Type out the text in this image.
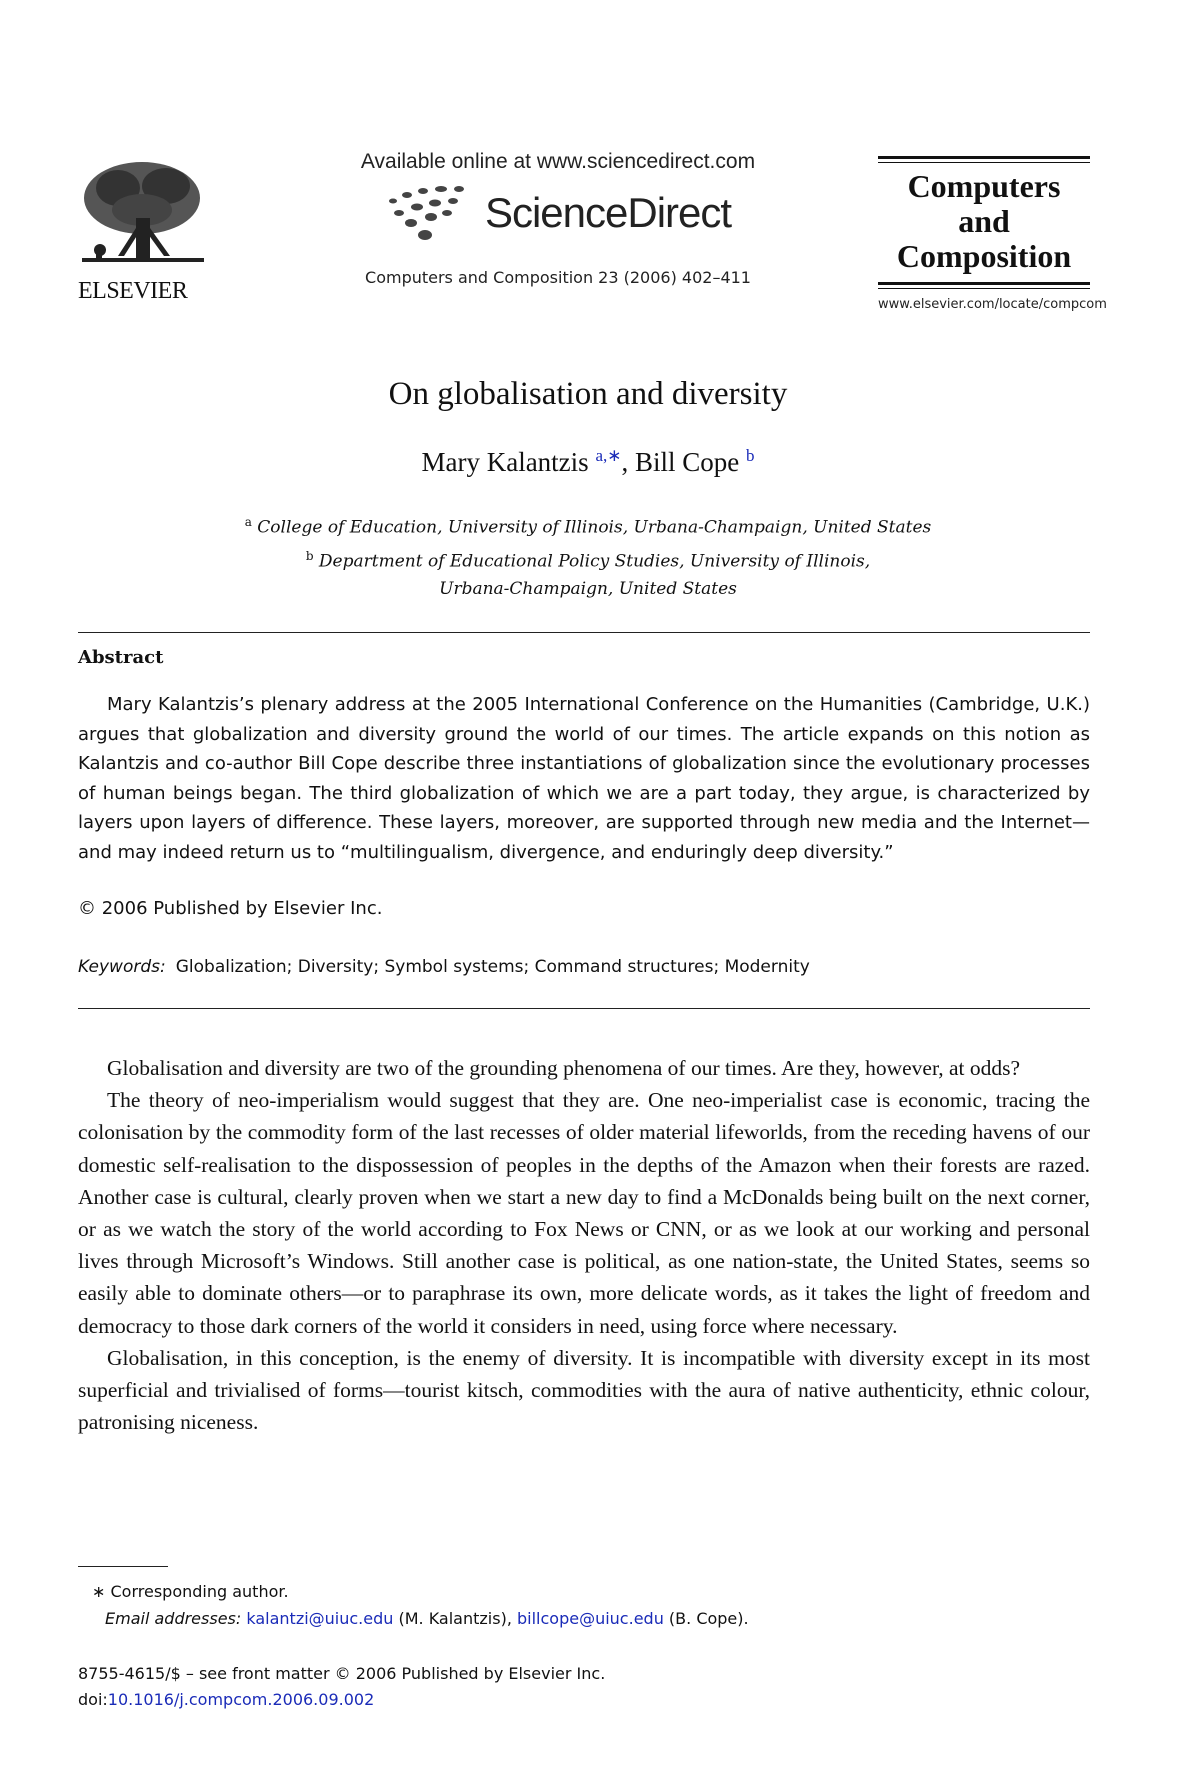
ELSEVIER
Available online at www.sciencedirect.com
ScienceDirect
Computers and Composition 23 (2006) 402–411
Computers
and
Composition
www.elsevier.com/locate/compcom
On globalisation and diversity
Mary Kalantzis $^{a,∗}$, Bill Cope $^b$
$^a$ College of Education, University of Illinois, Urbana-Champaign, United States
$^b$ Department of Educational Policy Studies, University of Illinois,
Urbana-Champaign, United States
Abstract

Mary Kalantzis’s plenary address at the 2005 International Conference on the Humanities (Cambridge, U.K.) argues that globalization and diversity ground the world of our times. The article expands on this notion as Kalantzis and co-author Bill Cope describe three instantiations of globalization since the evolutionary processes of human beings began. The third globalization of which we are a part today, they argue, is characterized by layers upon layers of difference. These layers, moreover, are supported through new media and the Internet—and may indeed return us to “multilingualism, divergence, and enduringly deep diversity.”

© 2006 Published by Elsevier Inc.
Keywords: Globalization; Diversity; Symbol systems; Command structures; Modernity

Globalisation and diversity are two of the grounding phenomena of our times. Are they, however, at odds?

The theory of neo-imperialism would suggest that they are. One neo-imperialist case is economic, tracing the colonisation by the commodity form of the last recesses of older material lifeworlds, from the receding havens of our domestic self-realisation to the dispossession of peoples in the depths of the Amazon when their forests are razed. Another case is cultural, clearly proven when we start a new day to find a McDonalds being built on the next corner, or as we watch the story of the world according to Fox News or CNN, or as we look at our working and personal lives through Microsoft’s Windows. Still another case is political, as one nation-state, the United States, seems so easily able to dominate others—or to paraphrase its own, more delicate words, as it takes the light of freedom and democracy to those dark corners of the world it considers in need, using force where necessary.

Globalisation, in this conception, is the enemy of diversity. It is incompatible with diversity except in its most superficial and trivialised of forms—tourist kitsch, commodities with the aura of native authenticity, ethnic colour, patronising niceness.

∗ Corresponding author.
Email addresses: kalantzi@uiuc.edu (M. Kalantzis), billcope@uiuc.edu (B. Cope).
8755-4615/$ – see front matter © 2006 Published by Elsevier Inc.
doi:10.1016/j.compcom.2006.09.002
